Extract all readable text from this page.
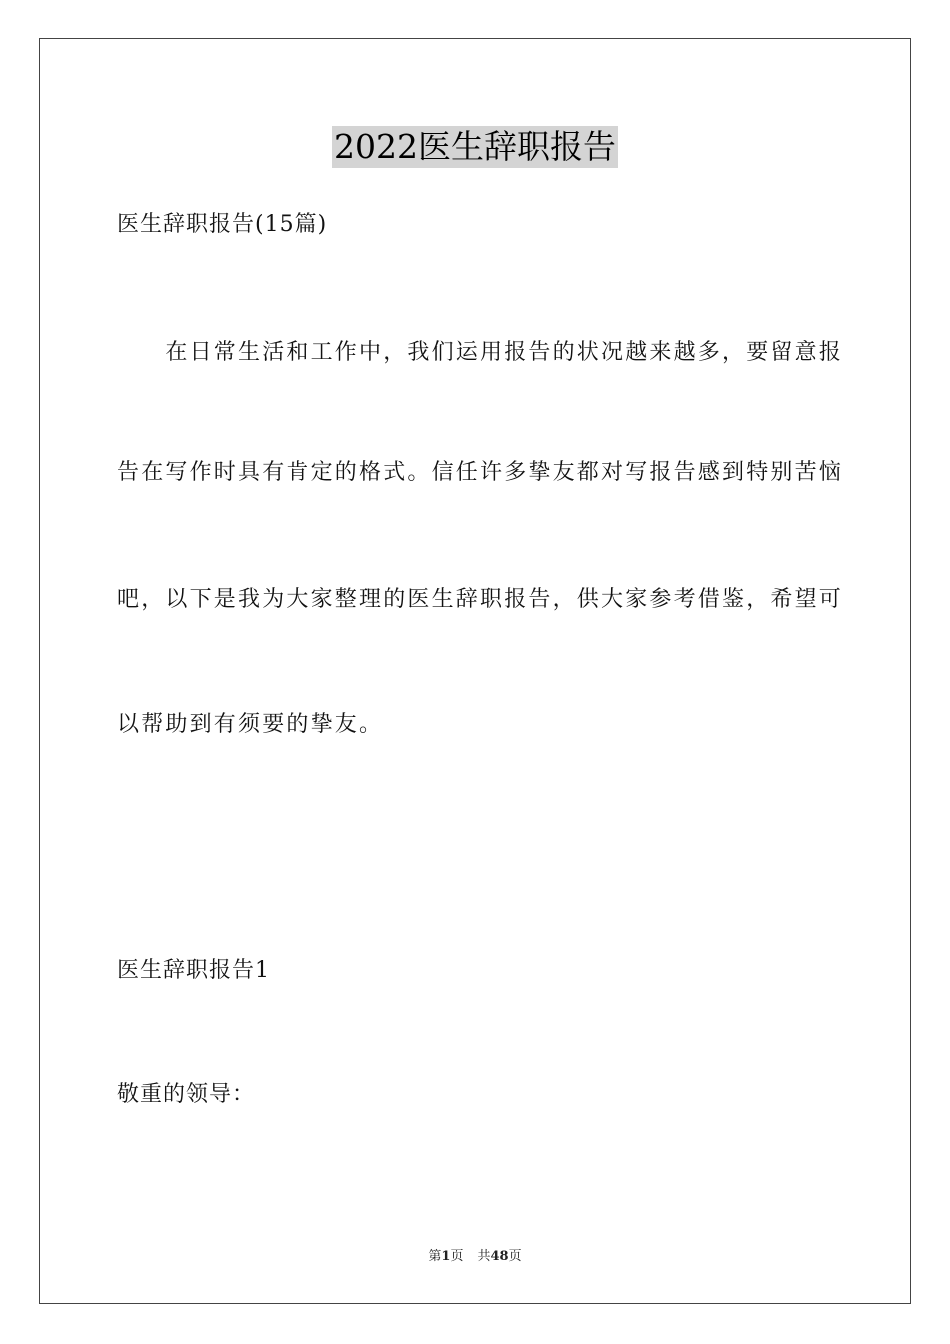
2022医生辞职报告
医生辞职报告(15篇)
　　在日常生活和工作中，我们运用报告的状况越来越多，要留意报
告在写作时具有肯定的格式。信任许多挚友都对写报告感到特别苦恼
吧，以下是我为大家整理的医生辞职报告，供大家参考借鉴，希望可
以帮助到有须要的挚友。
医生辞职报告1
敬重的领导：
第1页 共48页
